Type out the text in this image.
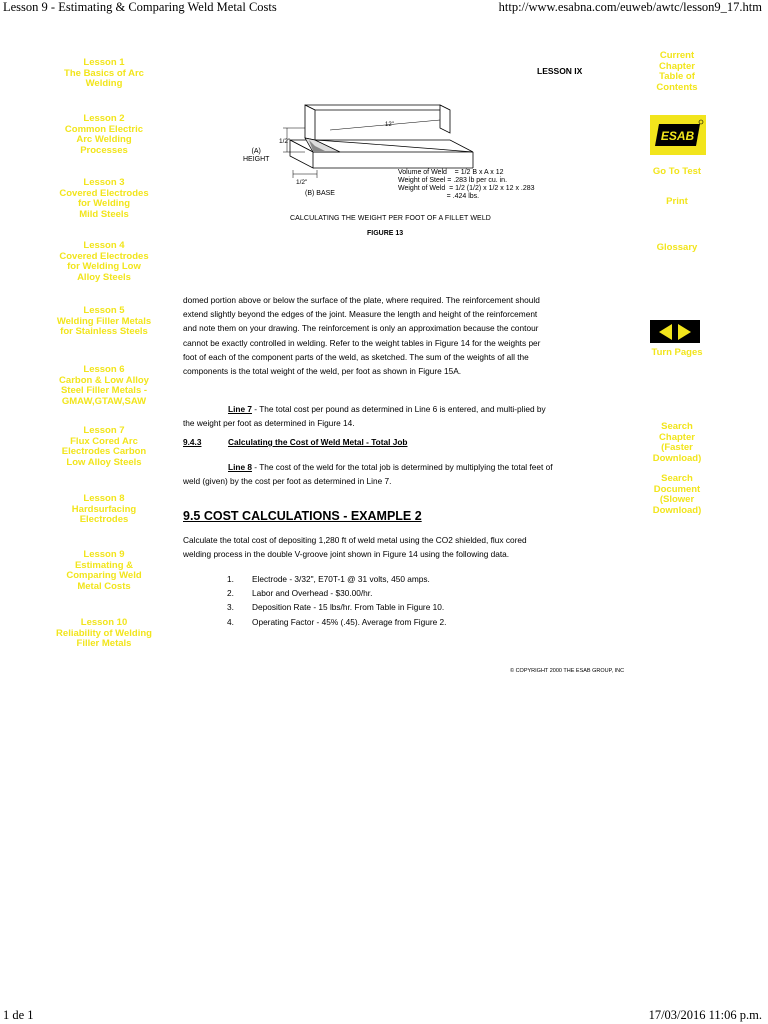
Lesson 9 - Estimating & Comparing Weld Metal Costs	http://www.esabna.com/euweb/awtc/lesson9_17.htm
Lesson 1
The Basics of Arc
Welding
Lesson 2
Common Electric
Arc Welding
Processes
Lesson 3
Covered Electrodes
for Welding
Mild Steels
Lesson 4
Covered Electrodes
for Welding Low
Alloy Steels
Lesson 5
Welding Filler Metals
for Stainless Steels
Lesson 6
Carbon & Low Alloy
Steel Filler Metals -
GMAW,GTAW,SAW
Lesson 7
Flux Cored Arc
Electrodes Carbon
Low Alloy Steels
Lesson 8
Hardsurfacing
Electrodes
Lesson 9
Estimating &
Comparing Weld
Metal Costs
Lesson 10
Reliability of Welding
Filler Metals
Current
Chapter
Table of
Contents
ESAB
Go To Test
Print
Glossary
Turn Pages
Search
Chapter
(Faster
Download)
Search
Document
(Slower
Download)
LESSON IX
12"
1/2"
1/2"
(A)
HEIGHT
(B) BASE
Volume of Weld    = 1/2 B x A x 12
Weight of Steel = .283 lb per cu. in.
Weight of Weld  = 1/2 (1/2) x 1/2 x 12 x .283
= .424 lbs.
CALCULATING THE WEIGHT PER FOOT OF A FILLET WELD
FIGURE 13
domed portion above or below the surface of the plate, where required. The reinforcement should extend slightly beyond the edges of the joint. Measure the length and height of the reinforcement and note them on your drawing. The reinforcement is only an approximation because the contour cannot be exactly controlled in welding. Refer to the weight tables in Figure 14 for the weights per foot of each of the component parts of the weld, as sketched. The sum of the weights of all the components is the total weight of the weld, per foot as shown in Figure 15A.
Line 7 - The total cost per pound as determined in Line 6 is entered, and multi-plied by the weight per foot as determined in Figure 14.
9.4.3	Calculating the Cost of Weld Metal - Total Job
Line 8 - The cost of the weld for the total job is determined by multiplying the total feet of weld (given) by the cost per foot as determined in Line 7.
9.5 COST CALCULATIONS - EXAMPLE 2
Calculate the total cost of depositing 1,280 ft of weld metal using the CO2 shielded, flux cored welding process in the double V-groove joint shown in Figure 14 using the following data.
1. Electrode - 3/32", E70T-1 @ 31 volts, 450 amps.
2. Labor and Overhead - $30.00/hr.
3. Deposition Rate - 15 lbs/hr. From Table in Figure 10.
4. Operating Factor - 45% (.45). Average from Figure 2.
© COPYRIGHT 2000 THE ESAB GROUP, INC
1 de 1	17/03/2016 11:06 p.m.
